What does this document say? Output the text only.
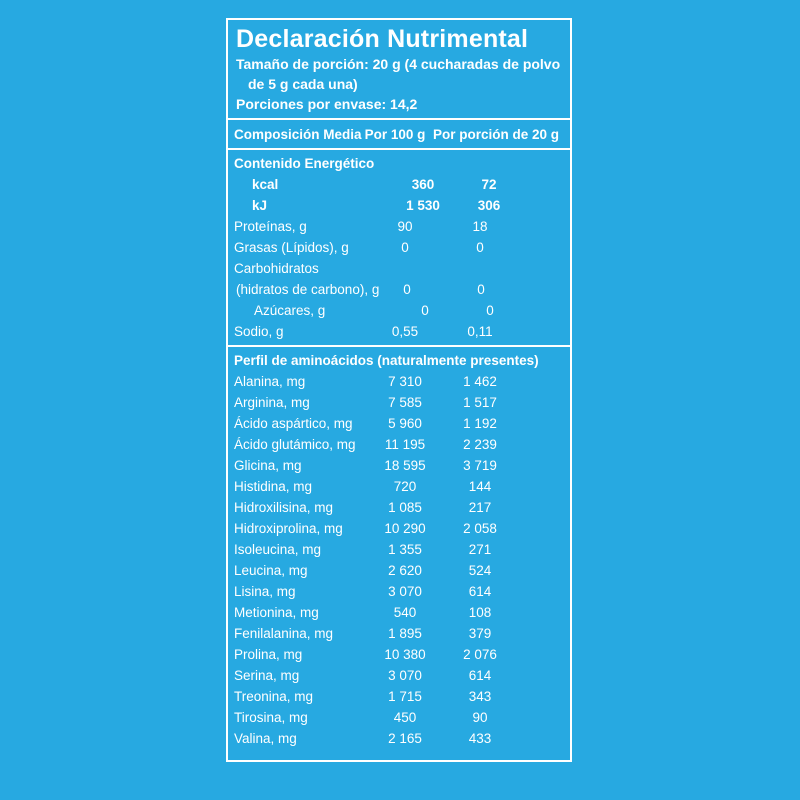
Declaración Nutrimental
Tamaño de porción: 20 g (4 cucharadas de polvo
de 5 g cada una)
Porciones por envase: 14,2
Composición Media Por 100 g Por porción de 20 g
Contenido Energético
kcal	360	72
kJ	1 530	306
Proteínas, g	90	18
Grasas (Lípidos), g	0	0
Carbohidratos
(hidratos de carbono), g	0	0
Azúcares, g	0	0
Sodio, g	0,55	0,11
Perfil de aminoácidos (naturalmente presentes)
Alanina, mg	7 310	1 462
Arginina, mg	7 585	1 517
Ácido aspártico, mg	5 960	1 192
Ácido glutámico, mg	11 195	2 239
Glicina, mg	18 595	3 719
Histidina, mg	720	144
Hidroxilisina, mg	1 085	217
Hidroxiprolina, mg	10 290	2 058
Isoleucina, mg	1 355	271
Leucina, mg	2 620	524
Lisina, mg	3 070	614
Metionina, mg	540	108
Fenilalanina, mg	1 895	379
Prolina, mg	10 380	2 076
Serina, mg	3 070	614
Treonina, mg	1 715	343
Tirosina, mg	450	90
Valina, mg	2 165	433
